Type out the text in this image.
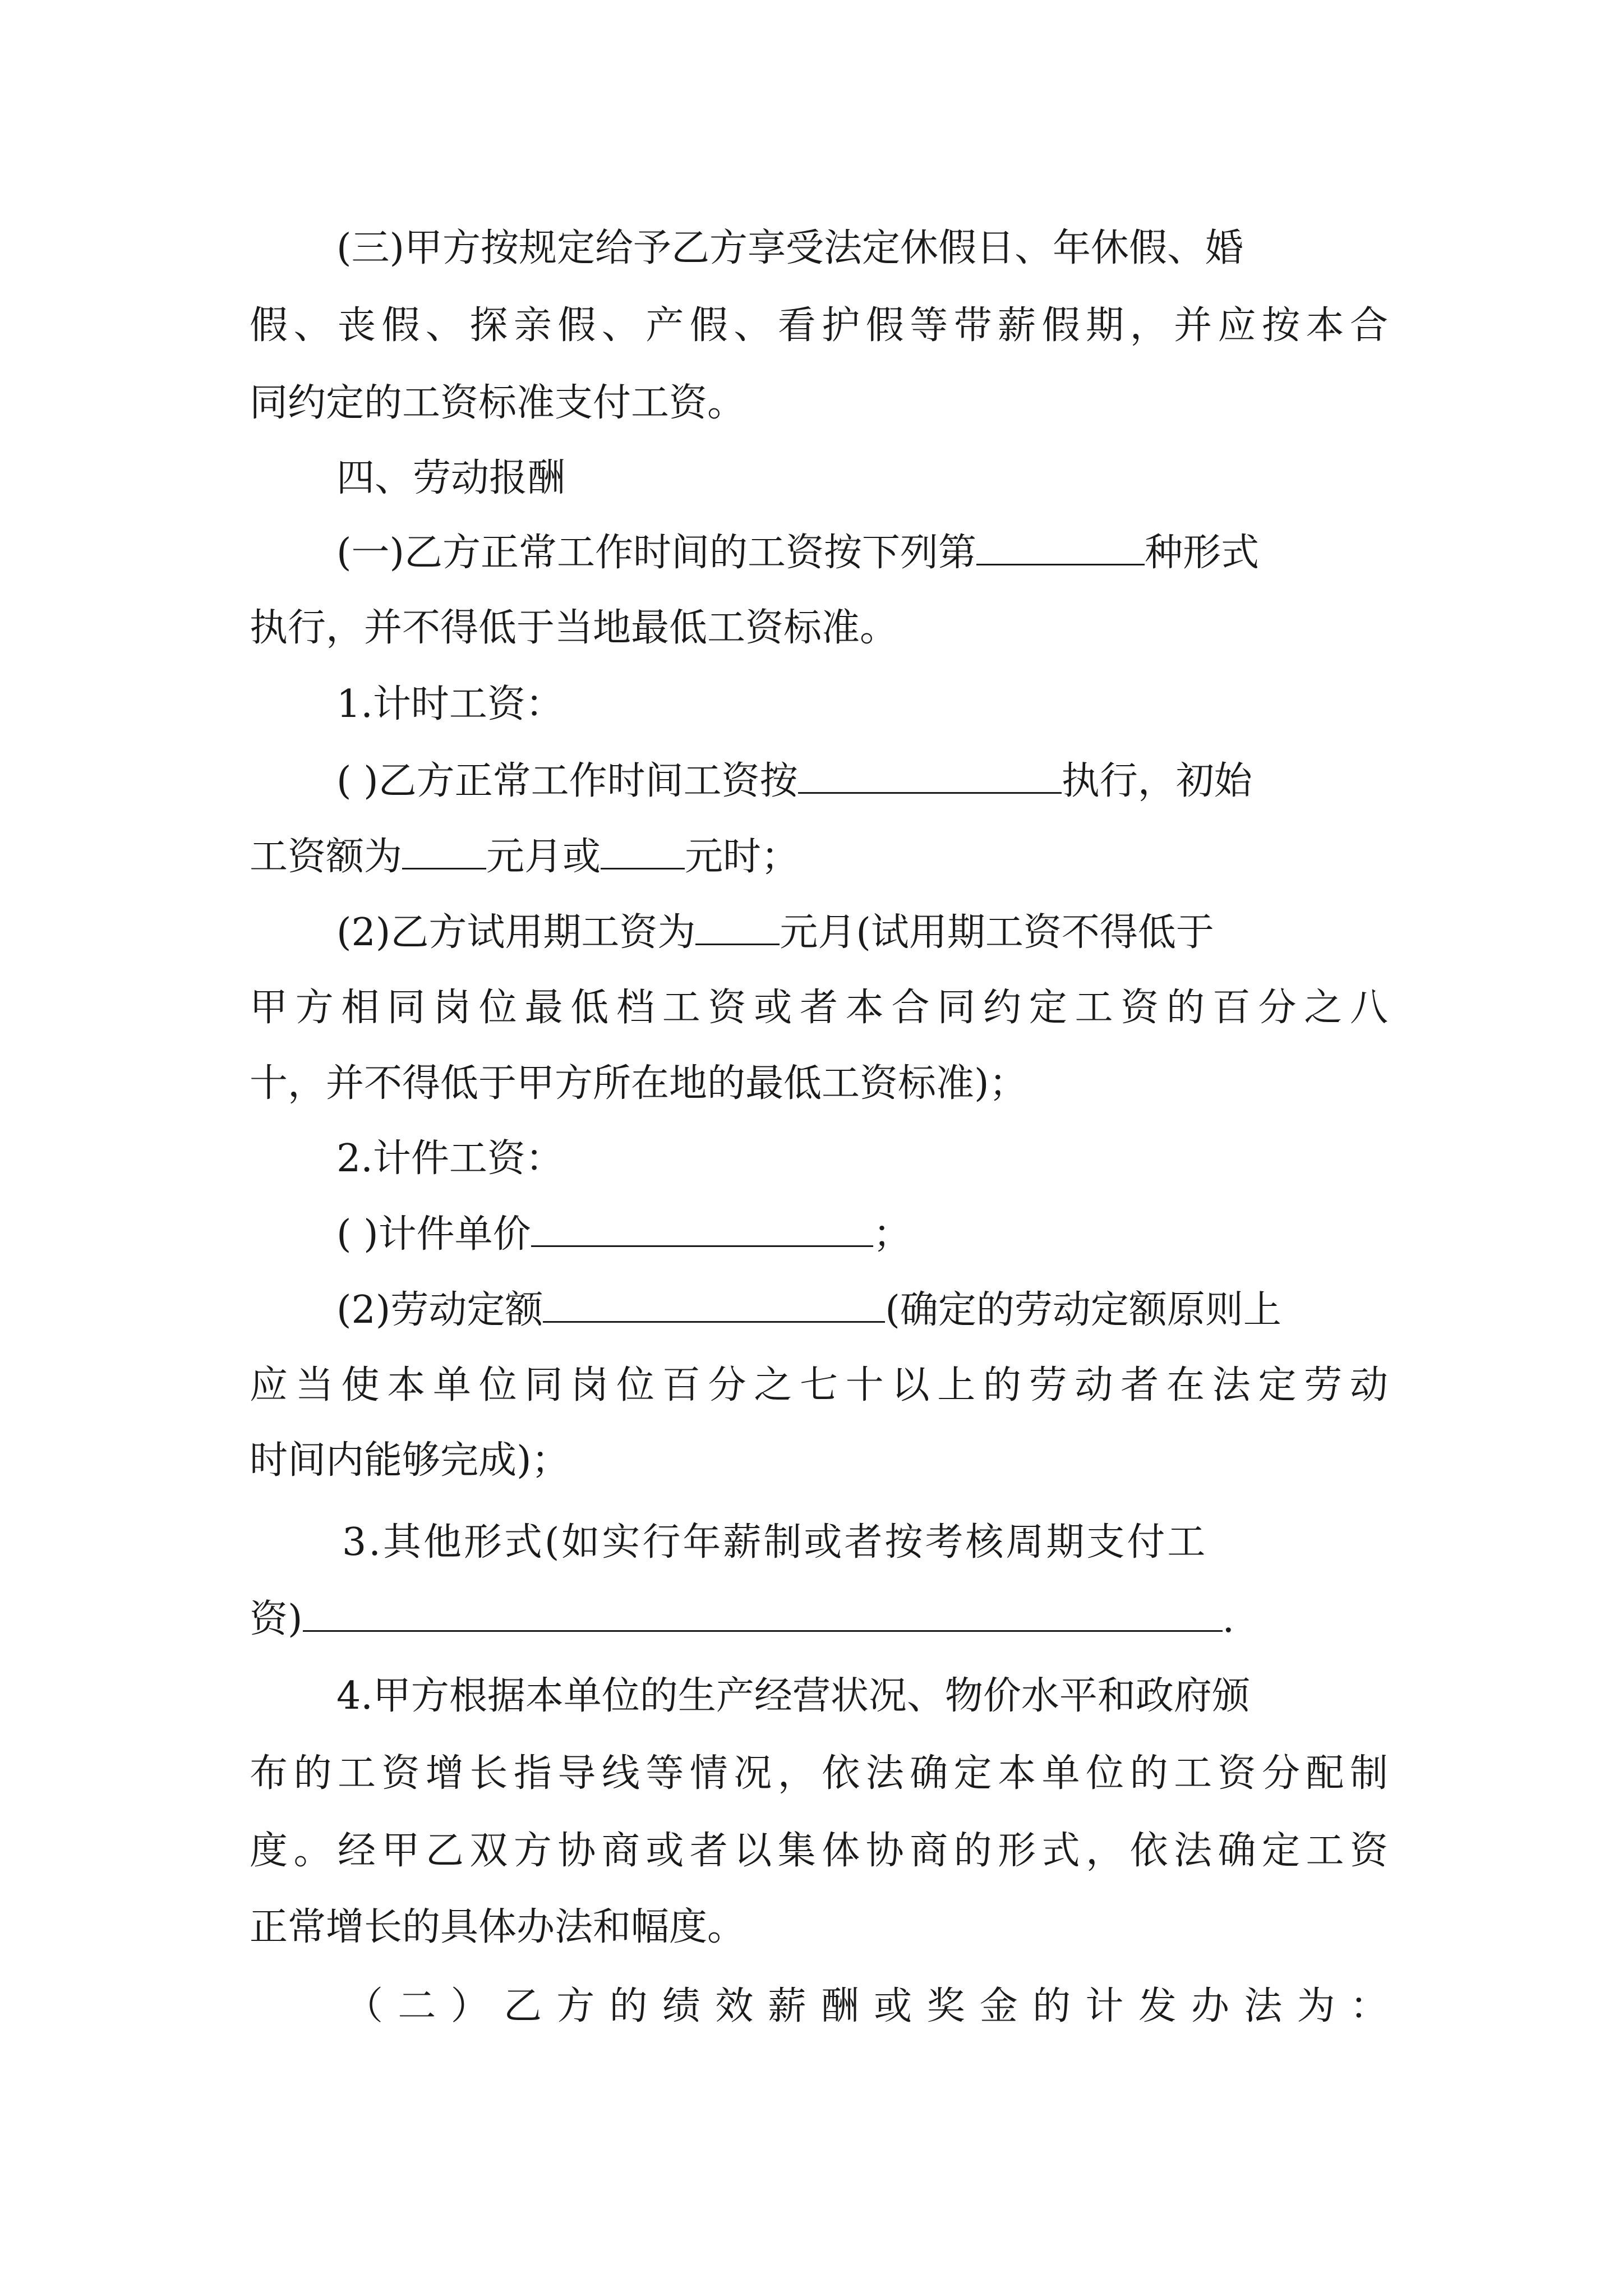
(三)甲方按规定给予乙方享受法定休假日、年休假、婚
假、丧假、探亲假、产假、看护假等带薪假期，并应按本合
同约定的工资标准支付工资。
四、劳动报酬
(一)乙方正常工作时间的工资按下列第	种形式
执行，并不得低于当地最低工资标准。
1.计时工资：
( )乙方正常工作时间工资按	执行，初始
工资额为 元月或 元时；
(2)乙方试用期工资为 元月(试用期工资不得低于
甲方相同岗位最低档工资或者本合同约定工资的百分之八
十，并不得低于甲方所在地的最低工资标准)；
2.计件工资：
( )计件单价	；
(2)劳动定额	(确定的劳动定额原则上
应当使本单位同岗位百分之七十以上的劳动者在法定劳动
时间内能够完成)；
3.其他形式(如实行年薪制或者按考核周期支付工
资)	.
4.甲方根据本单位的生产经营状况、物价水平和政府颁
布的工资增长指导线等情况，依法确定本单位的工资分配制
度。经甲乙双方协商或者以集体协商的形式，依法确定工资
正常增长的具体办法和幅度。
（二）乙方的绩效薪酬或奖金的计发办法为：
